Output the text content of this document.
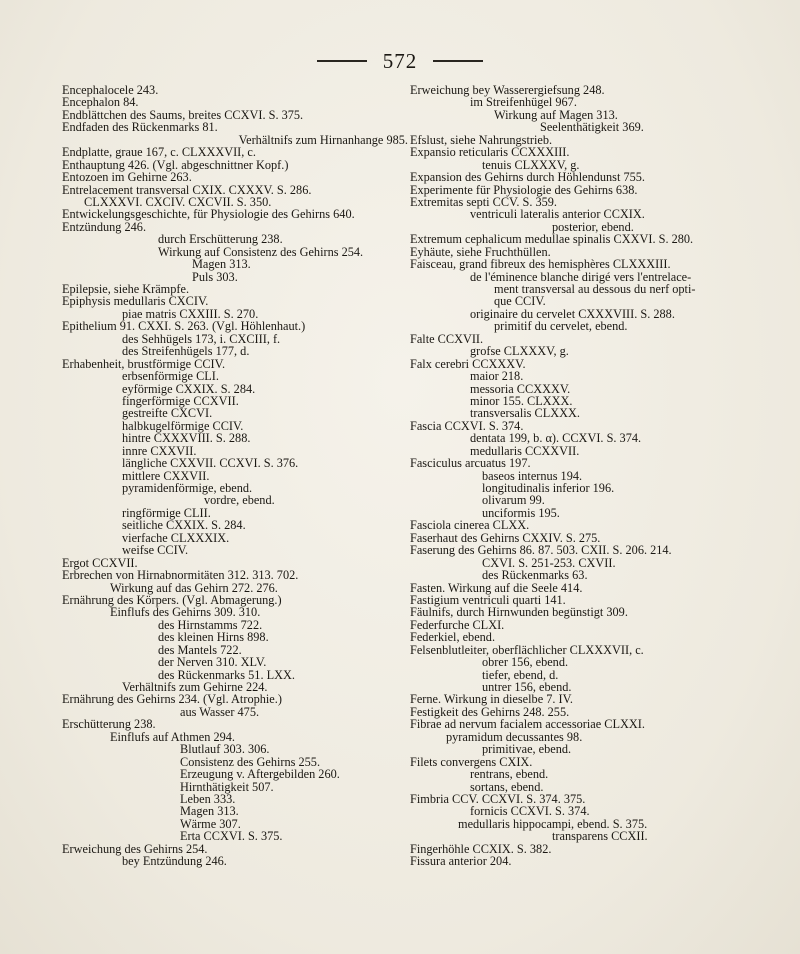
572
Encephalocele 243.
Encephalon 84.
Endblättchen des Saums, breites CCXVI. S. 375.
Endfaden des Rückenmarks 81.
Verhältnifs zum Hirnanhange 985.
Endplatte, graue 167, c. CLXXXVII, c.
Enthauptung 426. (Vgl. abgeschnittner Kopf.)
Entozoen im Gehirne 263.
Entrelacement transversal CXIX. CXXXV. S. 286.
CLXXXVI. CXCIV. CXCVII. S. 350.
Entwickelungsgeschichte, für Physiologie des Gehirns 640.
Entzündung 246.
durch Erschütterung 238.
Wirkung auf Consistenz des Gehirns 254.
Magen 313.
Puls 303.
Epilepsie, siehe Krämpfe.
Epiphysis medullaris CXCIV.
piae matris CXXIII. S. 270.
Epithelium 91. CXXI. S. 263. (Vgl. Höhlenhaut.)
des Sehhügels 173, i. CXCIII, f.
des Streifenhügels 177, d.
Erhabenheit, brustförmige CCIV.
erbsenförmige CLI.
eyförmige CXXIX. S. 284.
fingerförmige CCXVII.
gestreifte CXCVI.
halbkugelförmige CCIV.
hintre CXXXVIII. S. 288.
innre CXXVII.
längliche CXXVII. CCXVI. S. 376.
mittlere CXXVII.
pyramidenförmige, ebend.
vordre, ebend.
ringförmige CLII.
seitliche CXXIX. S. 284.
vierfache CLXXXIX.
weifse CCIV.
Ergot CCXVII.
Erbrechen von Hirnabnormitäten 312. 313. 702.
Wirkung auf das Gehirn 272. 276.
Ernährung des Körpers. (Vgl. Abmagerung.)
Einflufs des Gehirns 309. 310.
des Hirnstamms 722.
des kleinen Hirns 898.
des Mantels 722.
der Nerven 310. XLV.
des Rückenmarks 51. LXX.
Verhältnifs zum Gehirne 224.
Ernährung des Gehirns 234. (Vgl. Atrophie.)
aus Wasser 475.
Erschütterung 238.
Einflufs auf Athmen 294.
Blutlauf 303. 306.
Consistenz des Gehirns 255.
Erzeugung v. Aftergebilden 260.
Hirnthätigkeit 507.
Leben 333.
Magen 313.
Wärme 307.
Erta CCXVI. S. 375.
Erweichung des Gehirns 254.
bey Entzündung 246.
Erweichung bey Wasserergiefsung 248.
im Streifenhügel 967.
Wirkung auf Magen 313.
Seelenthätigkeit 369.
Efslust, siehe Nahrungstrieb.
Expansio reticularis CCXXXIII.
tenuis CLXXXV, g.
Expansion des Gehirns durch Höhlendunst 755.
Experimente für Physiologie des Gehirns 638.
Extremitas septi CCV. S. 359.
ventriculi lateralis anterior CCXIX.
posterior, ebend.
Extremum cephalicum medullae spinalis CXXVI. S. 280.
Eyhäute, siehe Fruchthüllen.
Faisceau, grand fibreux des hemisphères CLXXXIII.
de l'éminence blanche dirigé vers l'entrelace-
ment transversal au dessous du nerf opti-
que CCIV.
originaire du cervelet CXXXVIII. S. 288.
primitif du cervelet, ebend.
Falte CCXVII.
grofse CLXXXV, g.
Falx cerebri CCXXXV.
maior 218.
messoria CCXXXV.
minor 155. CLXXX.
transversalis CLXXX.
Fascia CCXVI. S. 374.
dentata 199, b. α). CCXVI. S. 374.
medullaris CCXXVII.
Fasciculus arcuatus 197.
baseos internus 194.
longitudinalis inferior 196.
olivarum 99.
unciformis 195.
Fasciola cinerea CLXX.
Faserhaut des Gehirns CXXIV. S. 275.
Faserung des Gehirns 86. 87. 503. CXII. S. 206. 214.
CXVI. S. 251-253. CXVII.
des Rückenmarks 63.
Fasten. Wirkung auf die Seele 414.
Fastigium ventriculi quarti 141.
Fäulnifs, durch Hirnwunden begünstigt 309.
Federfurche CLXI.
Federkiel, ebend.
Felsenblutleiter, oberflächlicher CLXXXVII, c.
obrer 156, ebend.
tiefer, ebend, d.
untrer 156, ebend.
Ferne. Wirkung in dieselbe 7. IV.
Festigkeit des Gehirns 248. 255.
Fibrae ad nervum facialem accessoriae CLXXI.
pyramidum decussantes 98.
primitivae, ebend.
Filets convergens CXIX.
rentrans, ebend.
sortans, ebend.
Fimbria CCV. CCXVI. S. 374. 375.
fornicis CCXVI. S. 374.
medullaris hippocampi, ebend. S. 375.
transparens CCXII.
Fingerhöhle CCXIX. S. 382.
Fissura anterior 204.
